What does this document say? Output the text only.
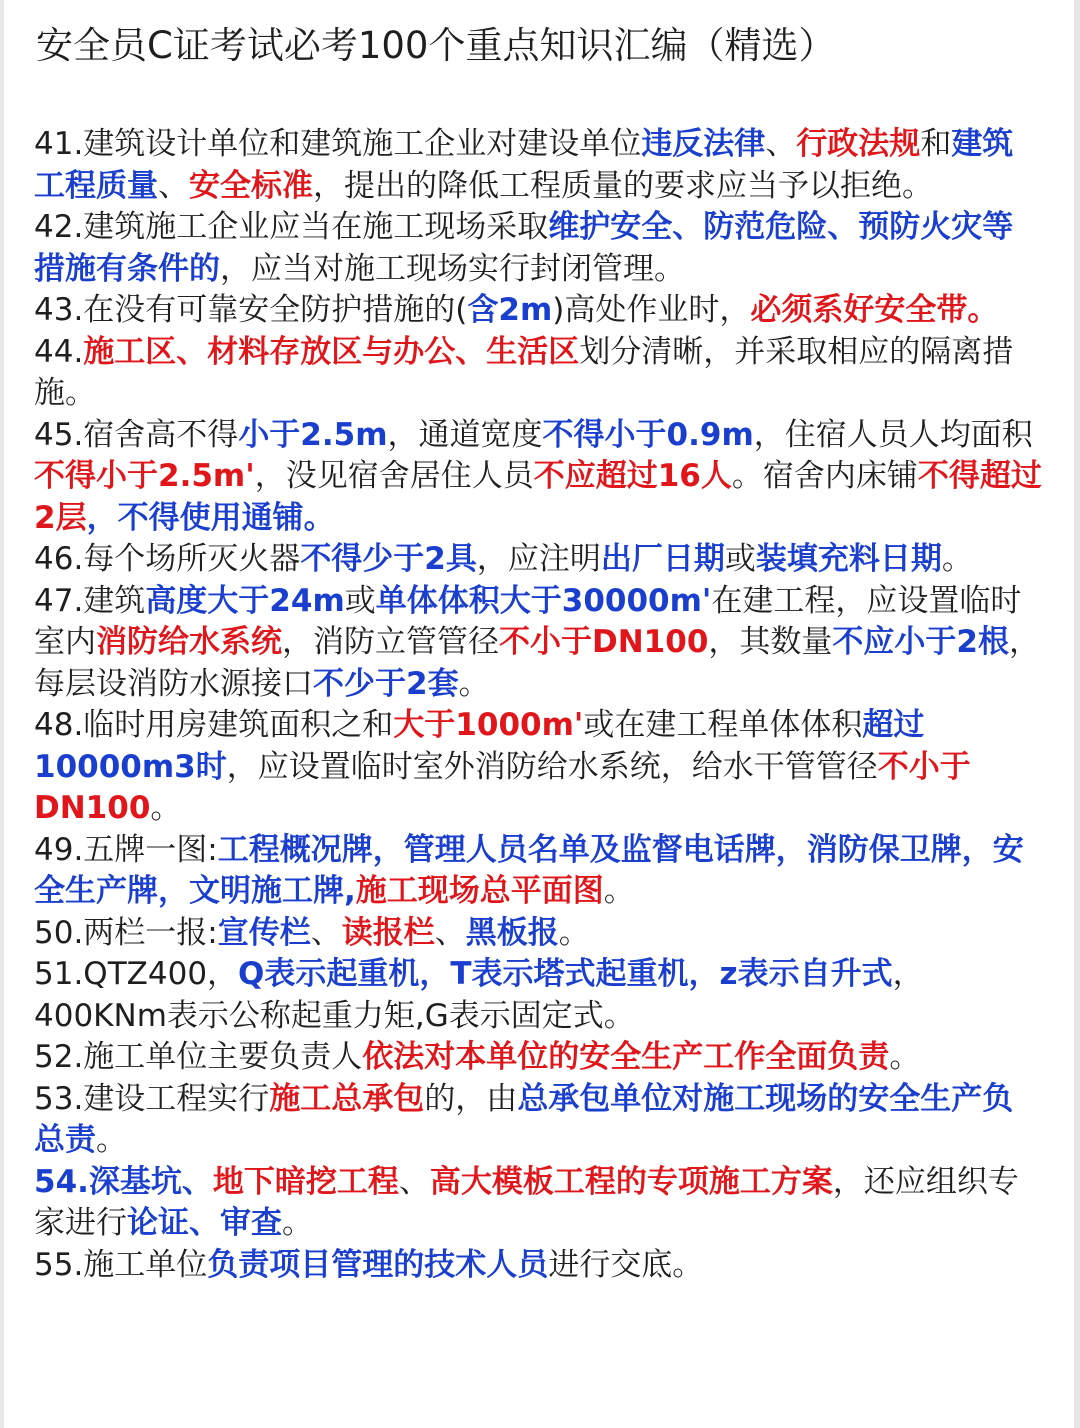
安全员C证考试必考100个重点知识汇编（精选）

41.建筑设计单位和建筑施工企业对建设单位违反法律、行政法规和建筑工程质量、安全标准，提出的降低工程质量的要求应当予以拒绝。

42.建筑施工企业应当在施工现场采取维护安全、防范危险、预防火灾等措施有条件的，应当对施工现场实行封闭管理。

43.在没有可靠安全防护措施的(含2m)高处作业时，必须系好安全带。

44.施工区、材料存放区与办公、生活区划分清晰，并采取相应的隔离措施。

45.宿舍高不得小于2.5m，通道宽度不得小于0.9m，住宿人员人均面积不得小于2.5m'，没见宿舍居住人员不应超过16人。宿舍内床铺不得超过2层，不得使用通铺。

46.每个场所灭火器不得少于2具，应注明出厂日期或装填充料日期。

47.建筑高度大于24m或单体体积大于30000m'在建工程，应设置临时室内消防给水系统，消防立管管径不小于DN100，其数量不应小于2根，每层设消防水源接口不少于2套。

48.临时用房建筑面积之和大于1000m'或在建工程单体体积超过10000m3时，应设置临时室外消防给水系统，给水干管管径不小于DN100。

49.五牌一图:工程概况牌，管理人员名单及监督电话牌，消防保卫牌，安全生产牌，文明施工牌,施工现场总平面图。

50.两栏一报:宣传栏、读报栏、黑板报。

51.QTZ400，Q表示起重机，T表示塔式起重机，z表示自升式，400KNm表示公称起重力矩,G表示固定式。

52.施工单位主要负责人依法对本单位的安全生产工作全面负责。

53.建设工程实行施工总承包的，由总承包单位对施工现场的安全生产负总责。

54.深基坑、地下暗挖工程、高大模板工程的专项施工方案，还应组织专家进行论证、审查。

55.施工单位负责项目管理的技术人员进行交底。
